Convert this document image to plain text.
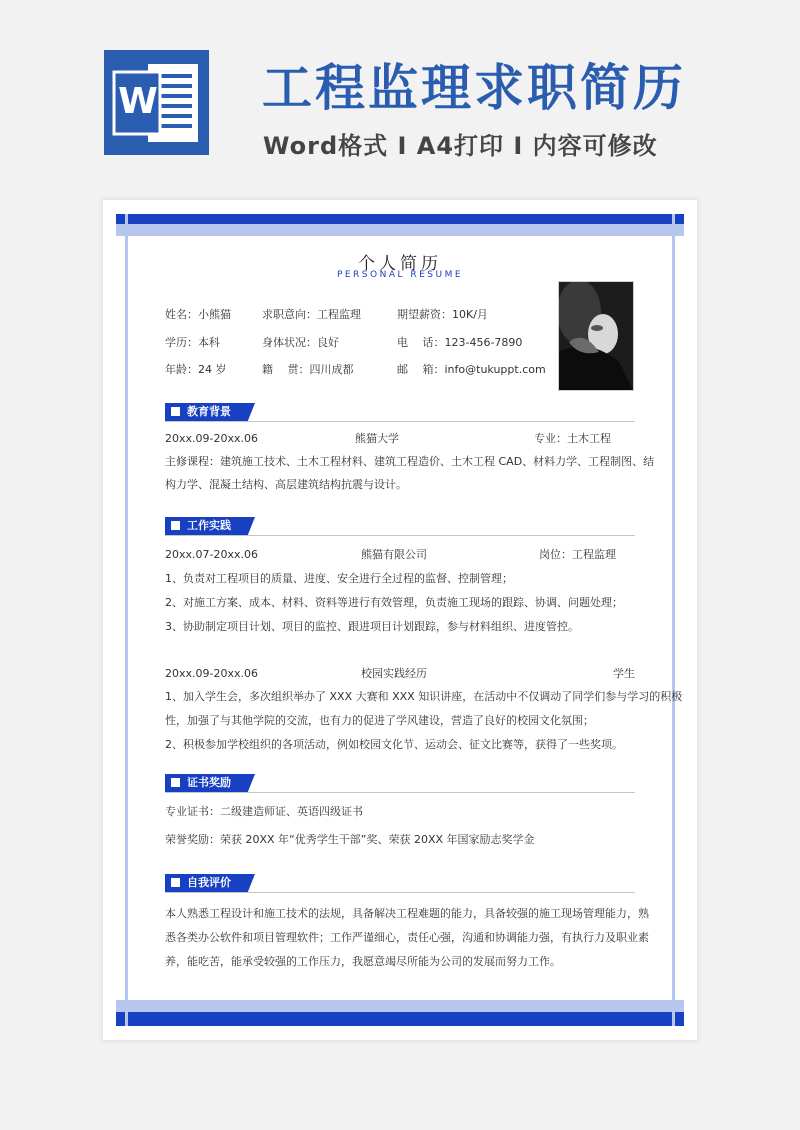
W 工程监理求职简历
Word格式 I A4打印 I 内容可修改
个人简历
PERSONAL RESUME
姓名：小熊猫	求职意向：工程监理	期望薪资：10K/月
学历：本科	身体状况：良好	电　 话：123-456-7890
年龄：24 岁	籍　 贯：四川成都	邮　 箱：info@tukuppt.com
教育背景
20xx.09-20xx.06	熊猫大学	专业：土木工程
主修课程：建筑施工技术、土木工程材料、建筑工程造价、土木工程 CAD、材料力学、工程制图、结
构力学、混凝土结构、高层建筑结构抗震与设计。
工作实践
20xx.07-20xx.06	熊猫有限公司	岗位：工程监理
1、负责对工程项目的质量、进度、安全进行全过程的监督、控制管理；
2、对施工方案、成本、材料、资料等进行有效管理，负责施工现场的跟踪、协调、问题处理；
3、协助制定项目计划、项目的监控、跟进项目计划跟踪，参与材料组织、进度管控。
20xx.09-20xx.06	校园实践经历	学生
1、加入学生会，多次组织举办了 XXX 大赛和 XXX 知识讲座，在活动中不仅调动了同学们参与学习的积极
性，加强了与其他学院的交流，也有力的促进了学风建设，营造了良好的校园文化氛围；
2、积极参加学校组织的各项活动，例如校园文化节、运动会、征文比赛等，获得了一些奖项。
证书奖励
专业证书：二级建造师证、英语四级证书
荣誉奖励：荣获 20XX 年“优秀学生干部”奖、荣获 20XX 年国家励志奖学金
自我评价
本人熟悉工程设计和施工技术的法规，具备解决工程难题的能力，具备较强的施工现场管理能力，熟
悉各类办公软件和项目管理软件；工作严谨细心，责任心强，沟通和协调能力强，有执行力及职业素
养，能吃苦，能承受较强的工作压力，我愿意竭尽所能为公司的发展而努力工作。
